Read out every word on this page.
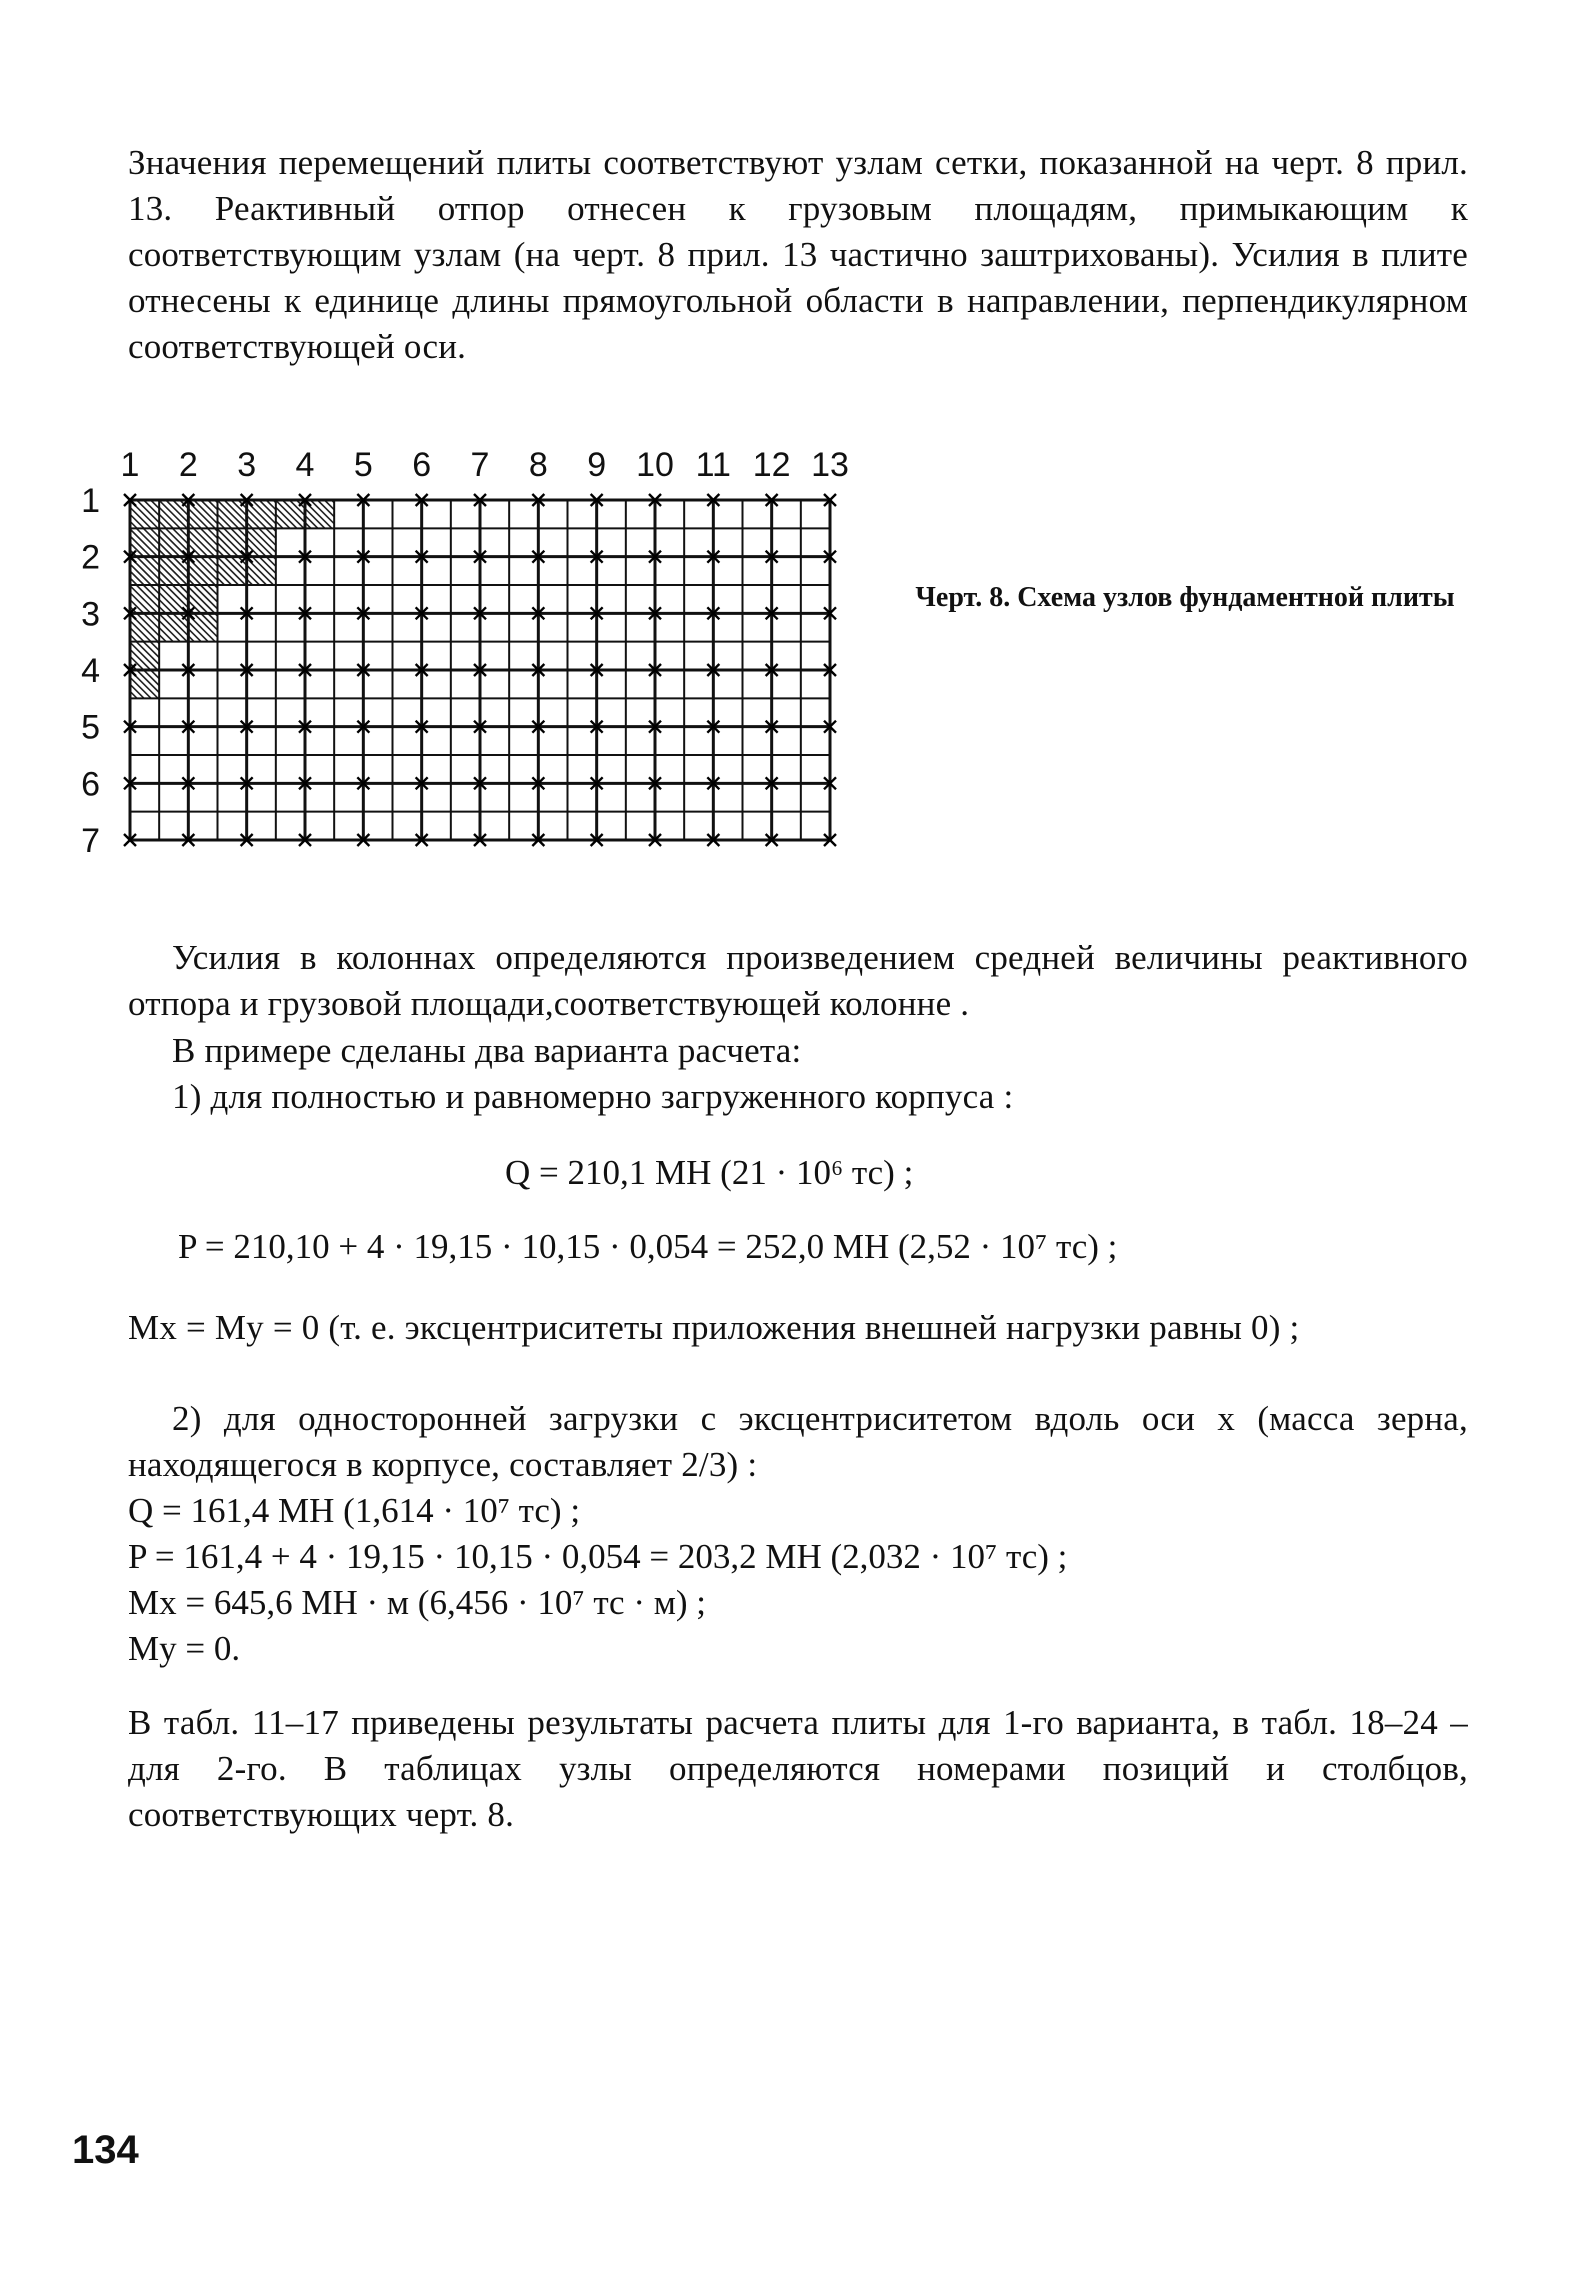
Значения перемещений плиты соответствуют узлам сетки, показанной на черт. 8 прил. 13. Реактивный отпор отнесен к грузовым площадям, примыкающим к соответствующим узлам (на черт. 8 прил. 13 частично заштрихованы). Усилия в плите отнесены к единице длины прямоугольной области в направлении, перпендикулярном соответствующей оси.
1 2 3 4 5 6 7 8 9 10 11 12 13
1
2
3
4
5
6
7
Черт. 8. Схема узлов фундаментной плиты
Усилия в колоннах определяются произведением средней величины реактивного отпора и грузовой площади,соответствующей колонне .
В примере сделаны два варианта расчета:
1) для полностью и равномерно загруженного корпуса :
Q = 210,1 МН (21 · 10⁶ тс) ;
P = 210,10 + 4 · 19,15 · 10,15 · 0,054 = 252,0 МН (2,52 · 10⁷ тс) ;
Mx = My = 0 (т. е. эксцентриситеты приложения внешней нагрузки равны 0) ;
2) для односторонней загрузки с эксцентриситетом вдоль оси x (масса зерна, находящегося в корпусе, составляет 2/3) :
Q = 161,4 МН (1,614 · 10⁷ тс) ;
P = 161,4 + 4 · 19,15 · 10,15 · 0,054 = 203,2 МН (2,032 · 10⁷ тс) ;
Mx = 645,6 МН · м (6,456 · 10⁷ тс · м) ;
My = 0.
В табл. 11–17 приведены результаты расчета плиты для 1-го варианта, в табл. 18–24 – для 2-го. В таблицах узлы определяются номерами позиций и столбцов, соответствующих черт. 8.
134
